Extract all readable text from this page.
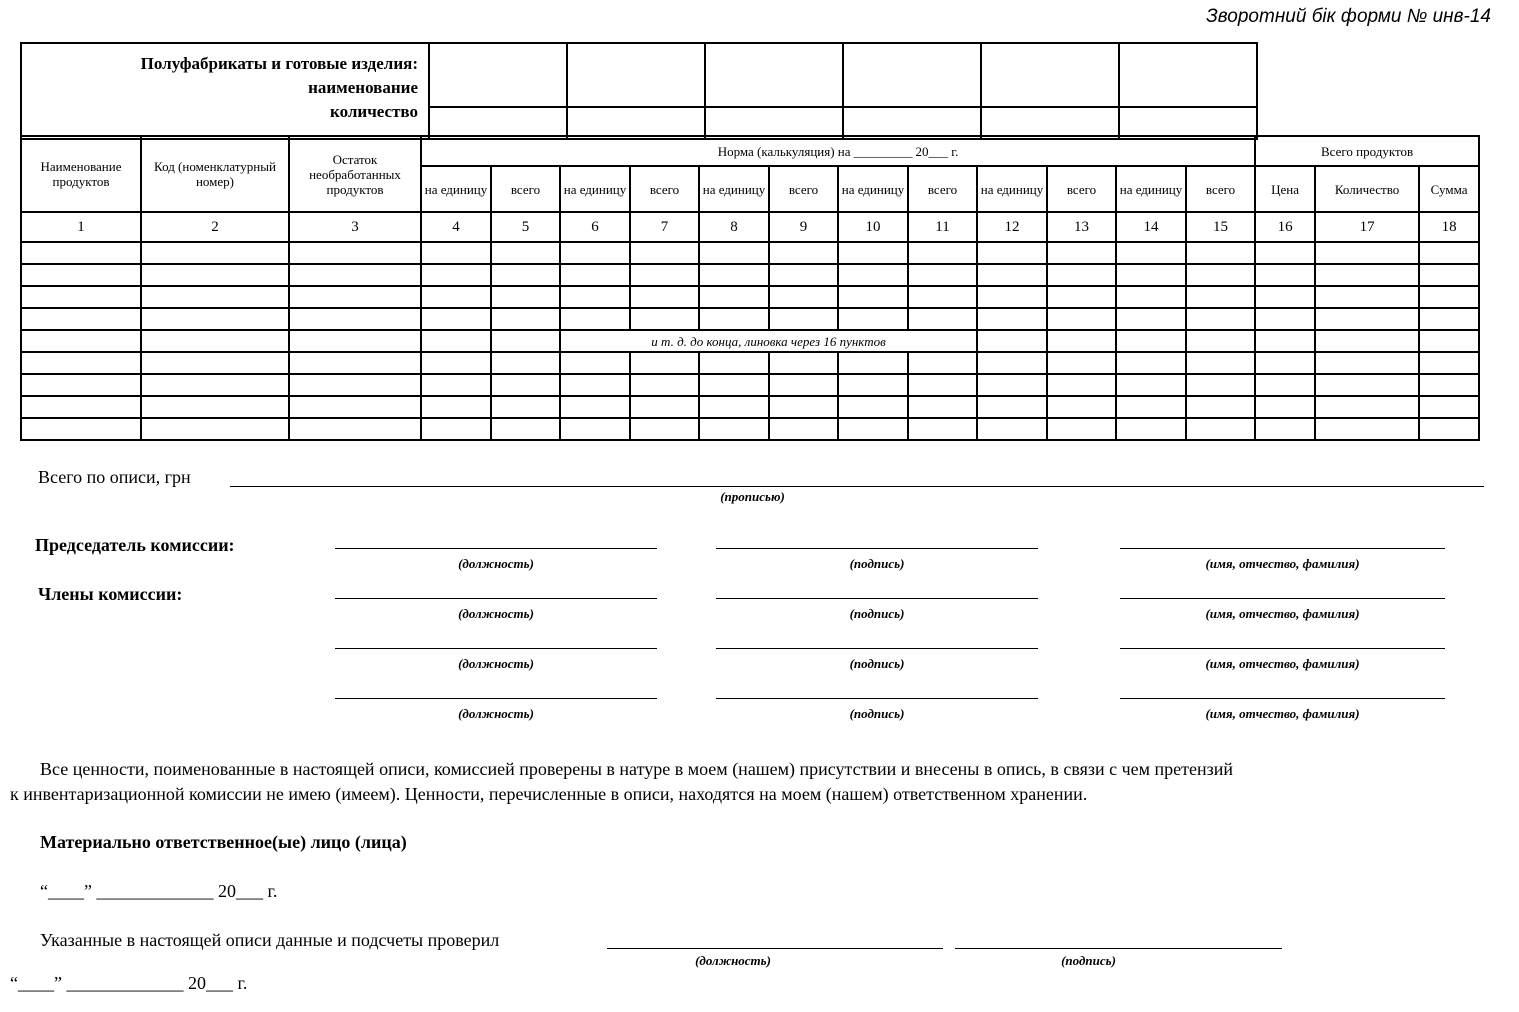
Зворотний бік форми № инв-14
Полуфабрикаты и готовые изделия:
наименование
количество						

Наименование продуктов	Код (номенклатурный номер)	Остаток необработанных продуктов	Норма (калькуляция) на _________ 20___ г.												Всего продуктов		
			на единицу	всего	на единицу	всего	на единицу	всего	на единицу	всего	на единицу	всего	на единицу	всего	Цена	Количество	Сумма
1	2	3	4	5	6	7	8	9	10	11	12	13	14	15	16	17	18

					и т. д. до конца, линовка через 16 пунктов												

Всего по описи, грн
(прописью)
Председатель комиссии:
(должность)	(подпись)	(имя, отчество, фамилия)
Члены комиссии:
(должность)	(подпись)	(имя, отчество, фамилия)
(должность)	(подпись)	(имя, отчество, фамилия)
(должность)	(подпись)	(имя, отчество, фамилия)
Все ценности, поименованные в настоящей описи, комиссией проверены в натуре в моем (нашем) присутствии и внесены в опись, в связи с чем претензий
к инвентаризационной комиссии не имею (имеем). Ценности, перечисленные в описи, находятся на моем (нашем) ответственном хранении.
Материально ответственное(ые) лицо (лица)
“____” _____________ 20___ г.
Указанные в настоящей описи данные и подсчеты проверил
(должность)	(подпись)
“____” _____________ 20___ г.
